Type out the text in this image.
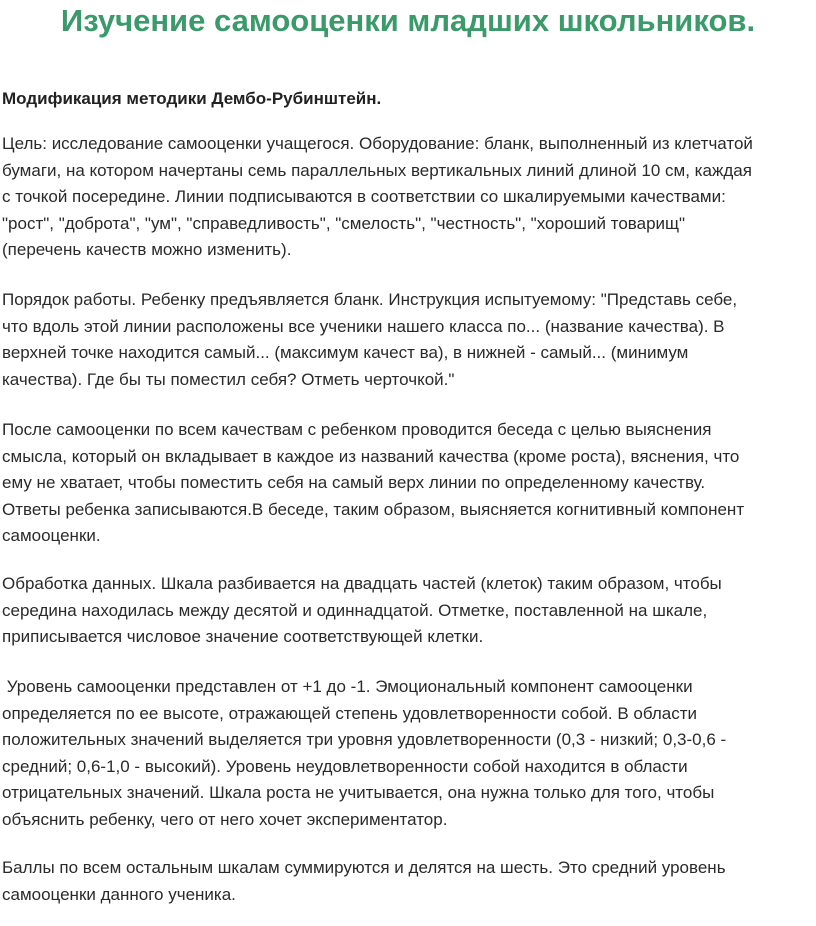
Изучение самооценки младших школьников.

Модификация методики Дембо-Рубинштейн.

Цель: исследование самооценки учащегося. Оборудование: бланк, выполненный из клетчатой
бумаги, на котором начертаны семь параллельных вертикальных линий длиной 10 см, каждая
с точкой посередине. Линии подписываются в соответствии со шкалируемыми качествами:
"рост", "доброта", "ум", "справедливость", "смелость", "честность", "хороший товарищ"
(перечень качеств можно изменить).

Порядок работы. Ребенку предъявляется бланк. Инструкция испытуемому: "Представь себе,
что вдоль этой линии расположены все ученики нашего класса по... (название качества). В
верхней точке находится самый... (максимум качест ва), в нижней - самый... (минимум
качества). Где бы ты поместил себя? Отметь черточкой."

После самооценки по всем качествам с ребенком проводится беседа с целью выяснения
смысла, который он вкладывает в каждое из названий качества (кроме роста), вяснения, что
ему не хватает, чтобы поместить себя на самый верх линии по определенному качеству.
Ответы ребенка записываются.В беседе, таким образом, выясняется когнитивный компонент
самооценки.

Обработка данных. Шкала разбивается на двадцать частей (клеток) таким образом, чтобы
середина находилась между десятой и одиннадцатой. Отметке, поставленной на шкале,
приписывается числовое значение соответствующей клетки.

Уровень самооценки представлен от +1 до -1. Эмоциональный компонент самооценки
определяется по ее высоте, отражающей степень удовлетворенности собой. В области
положительных значений выделяется три уровня удовлетворенности (0,3 - низкий; 0,3-0,6 -
средний; 0,6-1,0 - высокий). Уровень неудовлетворенности собой находится в области
отрицательных значений. Шкала роста не учитывается, она нужна только для того, чтобы
объяснить ребенку, чего от него хочет экспериментатор.

Баллы по всем остальным шкалам суммируются и делятся на шесть. Это средний уровень
самооценки данного ученика.
